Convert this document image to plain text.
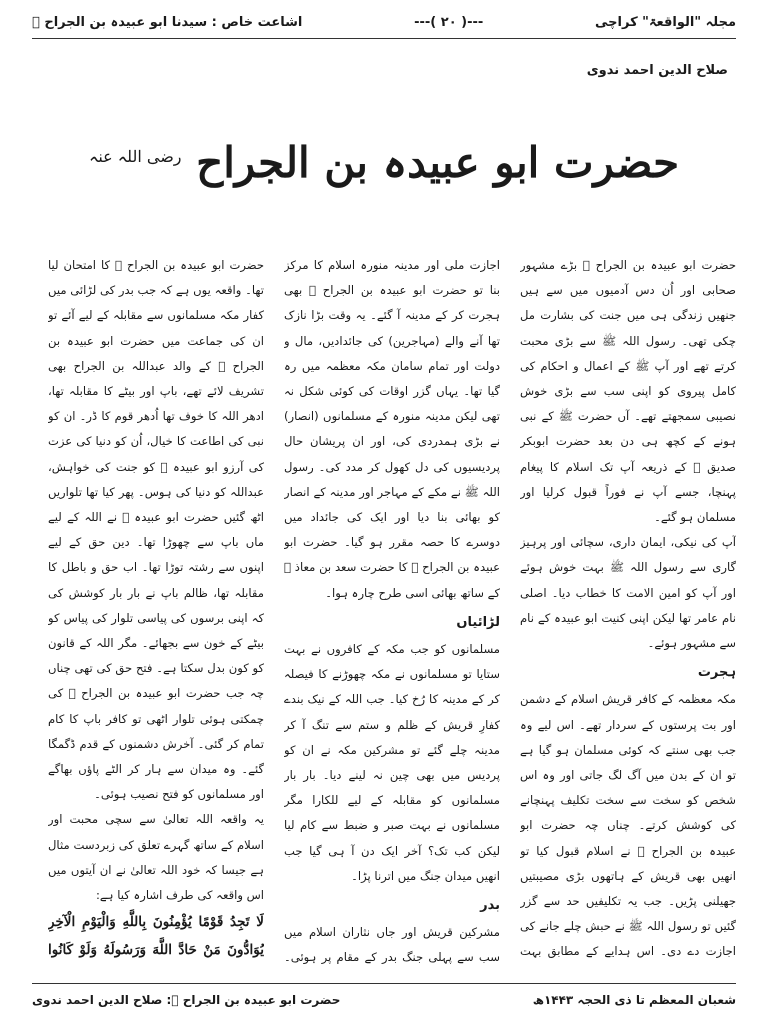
مجلہ "الواقعۃ" کراچی
---( ۲۰ )---
اشاعت خاص : سیدنا ابو عبیدہ بن الجراح ﷜
صلاح الدین احمد ندوی
حضرت ابو عبیدہ بن الجراح $^{رضی اللہ عنہ}$

حضرت ابو عبیدہ بن الجراح ﷜ بڑے مشہور صحابی اور اُن دس آدمیوں میں سے ہیں جنھیں زندگی ہی میں جنت کی بشارت مل چکی تھی۔ رسول اللہ ﷺ سے بڑی محبت کرتے تھے اور آپ ﷺ کے اعمال و احکام کی کامل پیروی کو اپنی سب سے بڑی خوش نصیبی سمجھتے تھے۔ آں حضرت ﷺ کے نبی ہونے کے کچھ ہی دن بعد حضرت ابوبکر صدیق ﷜ کے ذریعہ آپ تک اسلام کا پیغام پہنچا، جسے آپ نے فوراً قبول کرلیا اور مسلمان ہو گئے۔

آپ کی نیکی، ایمان داری، سچائی اور پرہیز گاری سے رسول اللہ ﷺ بہت خوش ہوئے اور آپ کو امین الامت کا خطاب دیا۔ اصلی نام عامر تھا لیکن اپنی کنیت ابو عبیدہ کے نام سے مشہور ہوئے۔

ہجرت

مکہ معظمہ کے کافر قریش اسلام کے دشمن اور بت پرستوں کے سردار تھے۔ اس لیے وہ جب بھی سنتے کہ کوئی مسلمان ہو گیا ہے تو ان کے بدن میں آگ لگ جاتی اور وہ اس شخص کو سخت سے سخت تکلیف پہنچانے کی کوشش کرتے۔ چناں چہ حضرت ابو عبیدہ بن الجراح ﷜ نے اسلام قبول کیا تو انھیں بھی قریش کے ہاتھوں بڑی مصیبتیں جھیلنی پڑیں۔ جب یہ تکلیفیں حد سے گزر گئیں تو رسول اللہ ﷺ نے حبش چلے جانے کی اجازت دے دی۔ اس ہدایے کے مطابق بہت

اجازت ملی اور مدینہ منورہ اسلام کا مرکز بنا تو حضرت ابو عبیدہ بن الجراح ﷜ بھی ہجرت کر کے مدینہ آ گئے۔ یہ وقت بڑا نازک تھا آنے والے (مہاجرین) کی جائدادیں، مال و دولت اور تمام سامان مکہ معظمہ میں رہ گیا تھا۔ یہاں گزر اوقات کی کوئی شکل نہ تھی لیکن مدینہ منورہ کے مسلمانوں (انصار) نے بڑی ہمدردی کی، اور ان پریشان حال پردیسیوں کی دل کھول کر مدد کی۔ رسول اللہ ﷺ نے مکے کے مہاجر اور مدینہ کے انصار کو بھائی بنا دیا اور ایک کی جائداد میں دوسرے کا حصہ مقرر ہو گیا۔ حضرت ابو عبیدہ بن الجراح ﷜ کا حضرت سعد بن معاذ ﷜ کے ساتھ بھائی اسی طرح چارہ ہوا۔

لڑائیاں

مسلمانوں کو جب مکہ کے کافروں نے بہت ستایا تو مسلمانوں نے مکہ چھوڑنے کا فیصلہ کر کے مدینہ کا رُخ کیا۔ جب اللہ کے نیک بندے کفارِ قریش کے ظلم و ستم سے تنگ آ کر مدینہ چلے گئے تو مشرکین مکہ نے ان کو پردیس میں بھی چین نہ لینے دیا۔ بار بار مسلمانوں کو مقابلہ کے لیے للکارا مگر مسلمانوں نے بہت صبر و ضبط سے کام لیا لیکن کب تک؟ آخر ایک دن آ ہی گیا جب انھیں میدان جنگ میں اترنا پڑا۔

بدر

مشرکین قریش اور جاں نثاران اسلام میں سب سے پہلی جنگ بدر کے مقام پر ہوئی۔

حضرت ابو عبیدہ بن الجراح ﷜ کا امتحان لیا تھا۔ واقعہ یوں ہے کہ جب بدر کی لڑائی میں کفار مکہ مسلمانوں سے مقابلہ کے لیے آئے تو ان کی جماعت میں حضرت ابو عبیدہ بن الجراح ﷜ کے والد عبداللہ بن الجراح بھی تشریف لائے تھے، باپ اور بیٹے کا مقابلہ تھا، ادھر اللہ کا خوف تھا اُدھر قوم کا ڈر۔ ان کو نبی کی اطاعت کا خیال، اُن کو دنیا کی عزت کی آرزو ابو عبیدہ ﷜ کو جنت کی خواہش، عبداللہ کو دنیا کی ہوس۔ پھر کیا تھا تلواریں اٹھ گئیں حضرت ابو عبیدہ ﷜ نے اللہ کے لیے ماں باپ سے چھوڑا تھا۔ دین حق کے لیے اپنوں سے رشتہ توڑا تھا۔ اب حق و باطل کا مقابلہ تھا، ظالم باپ نے بار بار کوشش کی کہ اپنی برسوں کی پیاسی تلوار کی پیاس کو بیٹے کے خون سے بجھائے۔ مگر اللہ کے قانون کو کون بدل سکتا ہے۔ فتح حق کی تھی چناں چہ جب حضرت ابو عبیدہ بن الجراح ﷜ کی چمکتی ہوئی تلوار اٹھی تو کافر باپ کا کام تمام کر گئی۔ آخرش دشمنوں کے قدم ڈگمگا گئے۔ وہ میدان سے ہار کر الٹے پاؤں بھاگے اور مسلمانوں کو فتح نصیب ہوئی۔

یہ واقعہ اللہ تعالیٰ سے سچی محبت اور اسلام کے ساتھ گہرے تعلق کی زبردست مثال ہے جیسا کہ خود اللہ تعالیٰ نے ان آیتوں میں اس واقعہ کی طرف اشارہ کیا ہے:

لَا تَجِدُ قَوْمًا يُؤْمِنُونَ بِاللَّهِ وَالْيَوْمِ الْآخِرِ يُوَادُّونَ مَنْ حَادَّ اللَّهَ وَرَسُولَهُ وَلَوْ كَانُوا

شعبان المعظم تا ذی الحجہ ۱۴۴۳ھ
حضرت ابو عبیدہ بن الجراح ﷜: صلاح الدین احمد ندوی
